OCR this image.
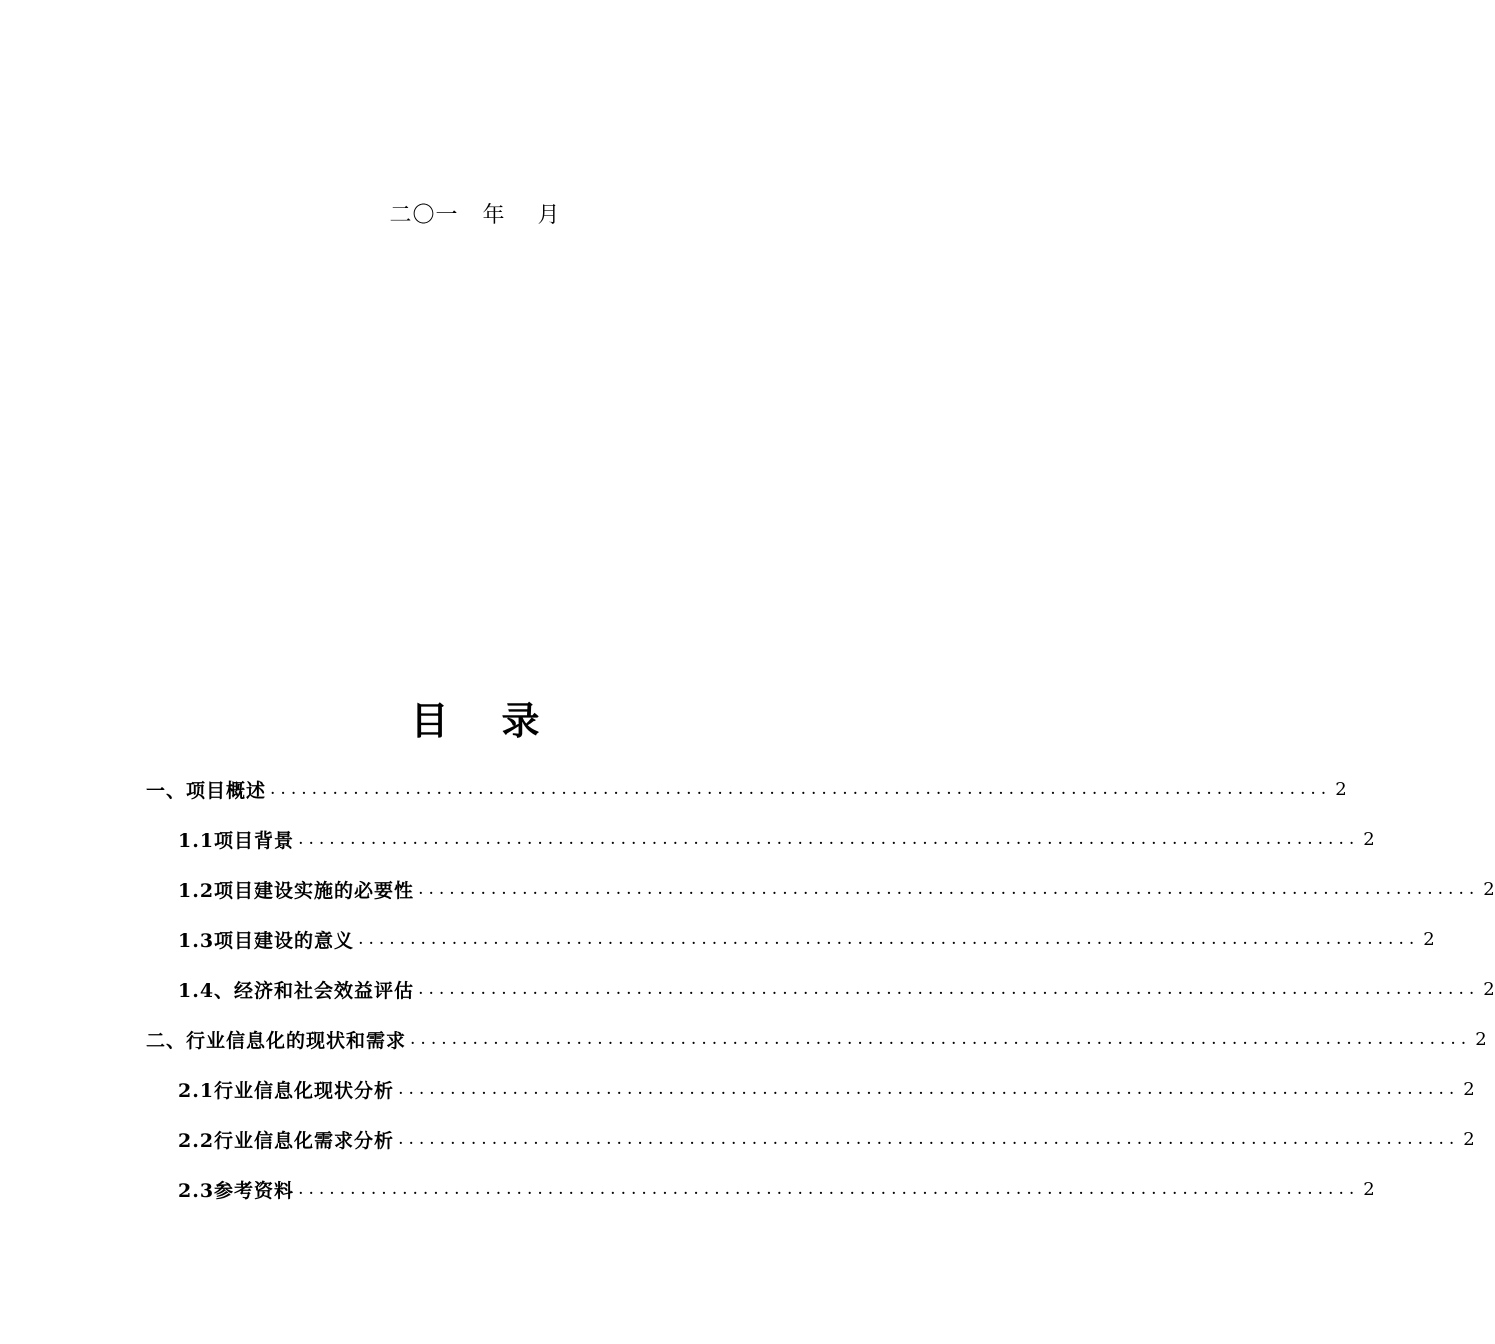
二〇一   年    月
目    录
一、项目概述 ...................................................................................................... 2
1.1项目背景 ...................................................................................................... 2
1.2项目建设实施的必要性 ...................................................................................................... 2
1.3项目建设的意义 ...................................................................................................... 2
1.4、经济和社会效益评估 ...................................................................................................... 2
二、行业信息化的现状和需求 ...................................................................................................... 2
2.1行业信息化现状分析 ...................................................................................................... 2
2.2行业信息化需求分析 ...................................................................................................... 2
2.3参考资料 ...................................................................................................... 2
